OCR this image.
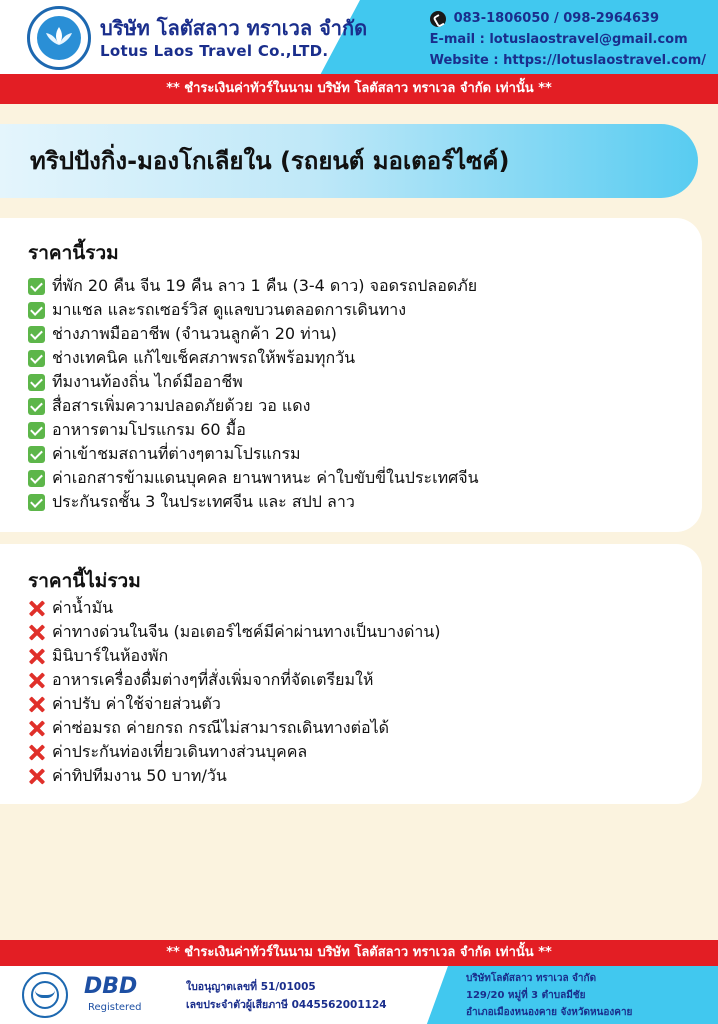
บริษัท โลตัสลาว ทราเวล จำกัด
Lotus Laos Travel Co.,LTD.
083-1806050 / 098-2964639
E-mail : lotuslaostravel@gmail.com
Website : https://lotuslaostravel.com/
** ชำระเงินค่าทัวร์ในนาม บริษัท โลตัสลาว ทราเวล จำกัด เท่านั้น **
ทริปปังกิ่ง-มองโกเลียใน (รถยนต์ มอเตอร์ไซค์)
ราคานี้รวม
ที่พัก 20 คืน จีน 19 คืน ลาว 1 คืน (3-4 ดาว) จอดรถปลอดภัย
มาแชล และรถเซอร์วิส ดูแลขบวนตลอดการเดินทาง
ช่างภาพมืออาชีพ (จำนวนลูกค้า 20 ท่าน)
ช่างเทคนิค แก้ไขเช็คสภาพรถให้พร้อมทุกวัน
ทีมงานท้องถิ่น ไกด์มืออาชีพ
สื่อสารเพิ่มความปลอดภัยด้วย วอ แดง
อาหารตามโปรแกรม 60 มื้อ
ค่าเข้าชมสถานที่ต่างๆตามโปรแกรม
ค่าเอกสารข้ามแดนบุคคล ยานพาหนะ ค่าใบขับขี่ในประเทศจีน
ประกันรถชั้น 3 ในประเทศจีน และ สปป ลาว
ราคานี้ไม่รวม
ค่าน้ำมัน
ค่าทางด่วนในจีน (มอเตอร์ไซค์มีค่าผ่านทางเป็นบางด่าน)
มินิบาร์ในห้องพัก
อาหารเครื่องดื่มต่างๆที่สั่งเพิ่มจากที่จัดเตรียมให้
ค่าปรับ ค่าใช้จ่ายส่วนตัว
ค่าซ่อมรถ ค่ายกรถ กรณีไม่สามารถเดินทางต่อได้
ค่าประกันท่องเที่ยวเดินทางส่วนบุคคล
ค่าทิปทีมงาน 50 บาท/วัน
** ชำระเงินค่าทัวร์ในนาม บริษัท โลตัสลาว ทราเวล จำกัด เท่านั้น **
DBD
Registered
ใบอนุญาตเลขที่ 51/01005
เลขประจำตัวผู้เสียภาษี 0445562001124
บริษัทโลตัสลาว ทราเวล จำกัด
129/20 หมู่ที่ 3 ตำบลมีชัย
อำเภอเมืองหนองคาย จังหวัดหนองคาย
